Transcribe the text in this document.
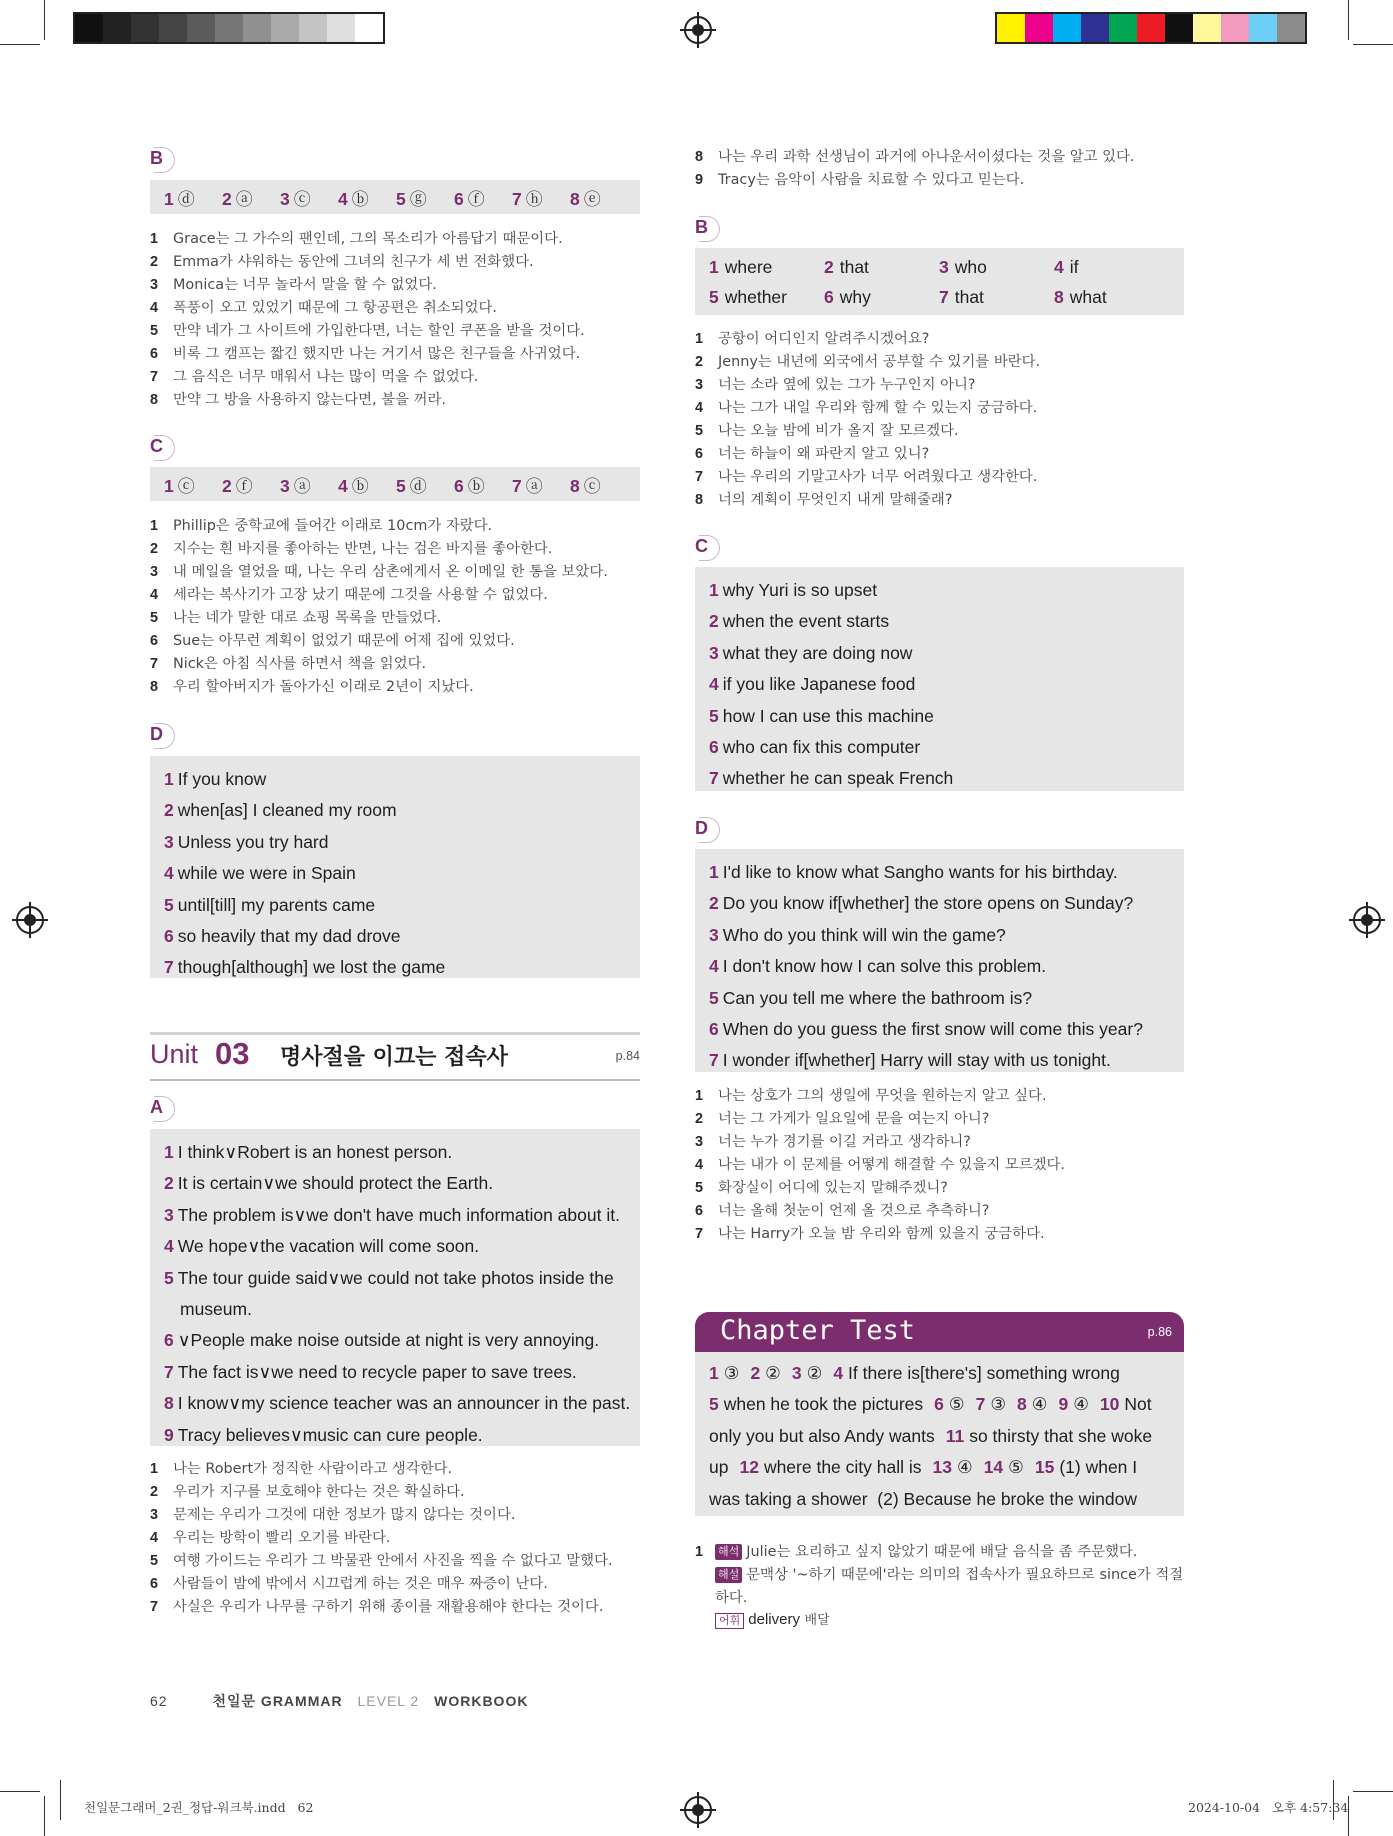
B
1 ⓓ	2 ⓐ	3 ⓒ	4 ⓑ	5 ⓖ	6 ⓕ	7 ⓗ	8 ⓔ
1 Grace는 그 가수의 팬인데, 그의 목소리가 아름답기 때문이다.
2 Emma가 샤워하는 동안에 그녀의 친구가 세 번 전화했다.
3 Monica는 너무 놀라서 말을 할 수 없었다.
4 폭풍이 오고 있었기 때문에 그 항공편은 취소되었다.
5 만약 네가 그 사이트에 가입한다면, 너는 할인 쿠폰을 받을 것이다.
6 비록 그 캠프는 짧긴 했지만 나는 거기서 많은 친구들을 사귀었다.
7 그 음식은 너무 매워서 나는 많이 먹을 수 없었다.
8 만약 그 방을 사용하지 않는다면, 불을 꺼라.
C
1 ⓒ	2 ⓕ	3 ⓐ	4 ⓑ	5 ⓓ	6 ⓑ	7 ⓐ	8 ⓒ
1 Phillip은 중학교에 들어간 이래로 10cm가 자랐다.
2 지수는 흰 바지를 좋아하는 반면, 나는 검은 바지를 좋아한다.
3 내 메일을 열었을 때, 나는 우리 삼촌에게서 온 이메일 한 통을 보았다.
4 세라는 복사기가 고장 났기 때문에 그것을 사용할 수 없었다.
5 나는 네가 말한 대로 쇼핑 목록을 만들었다.
6 Sue는 아무런 계획이 없었기 때문에 어제 집에 있었다.
7 Nick은 아침 식사를 하면서 책을 읽었다.
8 우리 할아버지가 돌아가신 이래로 2년이 지났다.
D
1 If you know
2 when[as] I cleaned my room
3 Unless you try hard
4 while we were in Spain
5 until[till] my parents came
6 so heavily that my dad drove
7 though[although] we lost the game
Unit 03 명사절을 이끄는 접속사	p.84
A
1 I think∨Robert is an honest person.
2 It is certain∨we should protect the Earth.
3 The problem is∨we don't have much information about it.
4 We hope∨the vacation will come soon.
5 The tour guide said∨we could not take photos inside the
museum.
6 ∨People make noise outside at night is very annoying.
7 The fact is∨we need to recycle paper to save trees.
8 I know∨my science teacher was an announcer in the past.
9 Tracy believes∨music can cure people.
1 나는 Robert가 정직한 사람이라고 생각한다.
2 우리가 지구를 보호해야 한다는 것은 확실하다.
3 문제는 우리가 그것에 대한 정보가 많지 않다는 것이다.
4 우리는 방학이 빨리 오기를 바란다.
5 여행 가이드는 우리가 그 박물관 안에서 사진을 찍을 수 없다고 말했다.
6 사람들이 밤에 밖에서 시끄럽게 하는 것은 매우 짜증이 난다.
7 사실은 우리가 나무를 구하기 위해 종이를 재활용해야 한다는 것이다.
62	천일문 GRAMMAR LEVEL 2 WORKBOOK
8 나는 우리 과학 선생님이 과거에 아나운서이셨다는 것을 알고 있다.
9 Tracy는 음악이 사람을 치료할 수 있다고 믿는다.
B
1 where	2 that	3 who	4 if
5 whether	6 why	7 that	8 what
1 공항이 어디인지 알려주시겠어요?
2 Jenny는 내년에 외국에서 공부할 수 있기를 바란다.
3 너는 소라 옆에 있는 그가 누구인지 아니?
4 나는 그가 내일 우리와 함께 할 수 있는지 궁금하다.
5 나는 오늘 밤에 비가 올지 잘 모르겠다.
6 너는 하늘이 왜 파란지 알고 있니?
7 나는 우리의 기말고사가 너무 어려웠다고 생각한다.
8 너의 계획이 무엇인지 내게 말해줄래?
C
1 why Yuri is so upset
2 when the event starts
3 what they are doing now
4 if you like Japanese food
5 how I can use this machine
6 who can fix this computer
7 whether he can speak French
D
1 I'd like to know what Sangho wants for his birthday.
2 Do you know if[whether] the store opens on Sunday?
3 Who do you think will win the game?
4 I don't know how I can solve this problem.
5 Can you tell me where the bathroom is?
6 When do you guess the first snow will come this year?
7 I wonder if[whether] Harry will stay with us tonight.
1 나는 상호가 그의 생일에 무엇을 원하는지 알고 싶다.
2 너는 그 가게가 일요일에 문을 여는지 아니?
3 너는 누가 경기를 이길 거라고 생각하니?
4 나는 내가 이 문제를 어떻게 해결할 수 있을지 모르겠다.
5 화장실이 어디에 있는지 말해주겠니?
6 너는 올해 첫눈이 언제 올 것으로 추측하니?
7 나는 Harry가 오늘 밤 우리와 함께 있을지 궁금하다.
Chapter Test	p.86
1 ③ 2 ② 3 ② 4 If there is[there's] something wrong
5 when he took the pictures 6 ⑤ 7 ③ 8 ④ 9 ④ 10 Not
only you but also Andy wants 11 so thirsty that she woke
up 12 where the city hall is 13 ④ 14 ⑤ 15 (1) when I
was taking a shower  (2) Because he broke the window
1 해석 Julie는 요리하고 싶지 않았기 때문에 배달 음식을 좀 주문했다.
해설 문맥상 '~하기 때문에'라는 의미의 접속사가 필요하므로 since가 적절
하다.
어휘 delivery 배달
천일문그래머_2권_정답-워크북.indd   62	2024-10-04   오후 4:57:34
